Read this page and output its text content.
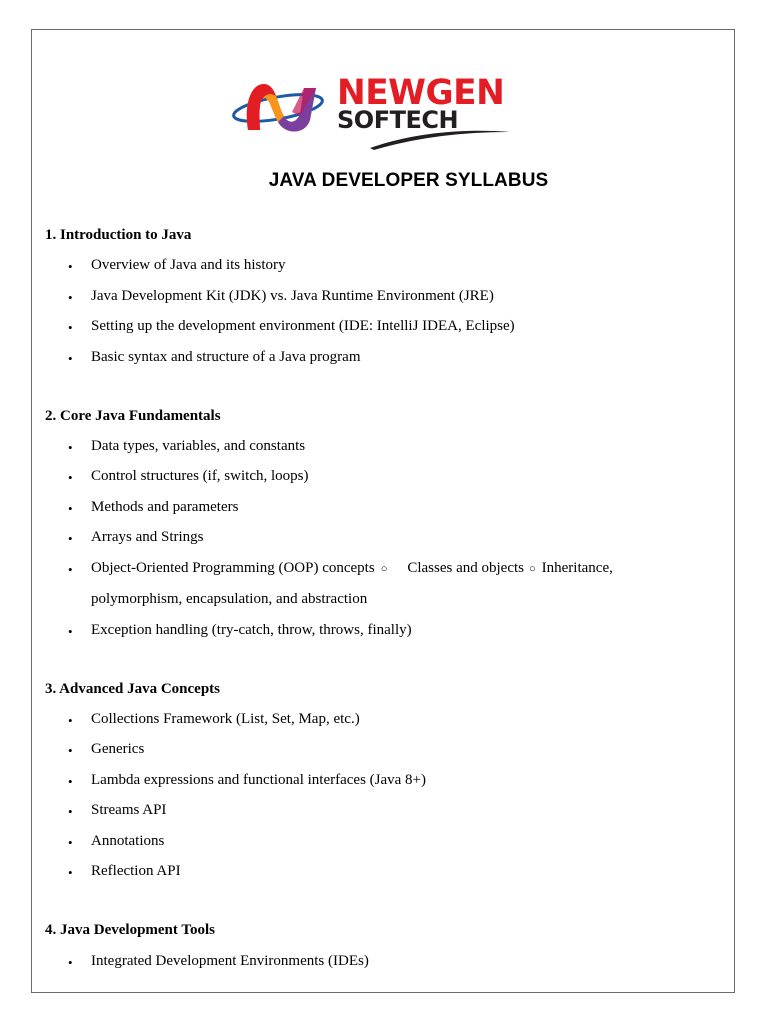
NEWGEN
SOFTECH
JAVA DEVELOPER SYLLABUS
1. Introduction to Java
• Overview of Java and its history
• Java Development Kit (JDK) vs. Java Runtime Environment (JRE)
• Setting up the development environment (IDE: IntelliJ IDEA, Eclipse)
• Basic syntax and structure of a Java program
2. Core Java Fundamentals
• Data types, variables, and constants
• Control structures (if, switch, loops)
• Methods and parameters
• Arrays and Strings
• Object-Oriented Programming (OOP) concepts ○ Classes and objects ○ Inheritance,
polymorphism, encapsulation, and abstraction
• Exception handling (try-catch, throw, throws, finally)
3. Advanced Java Concepts
• Collections Framework (List, Set, Map, etc.)
• Generics
• Lambda expressions and functional interfaces (Java 8+)
• Streams API
• Annotations
• Reflection API
4. Java Development Tools
• Integrated Development Environments (IDEs)
